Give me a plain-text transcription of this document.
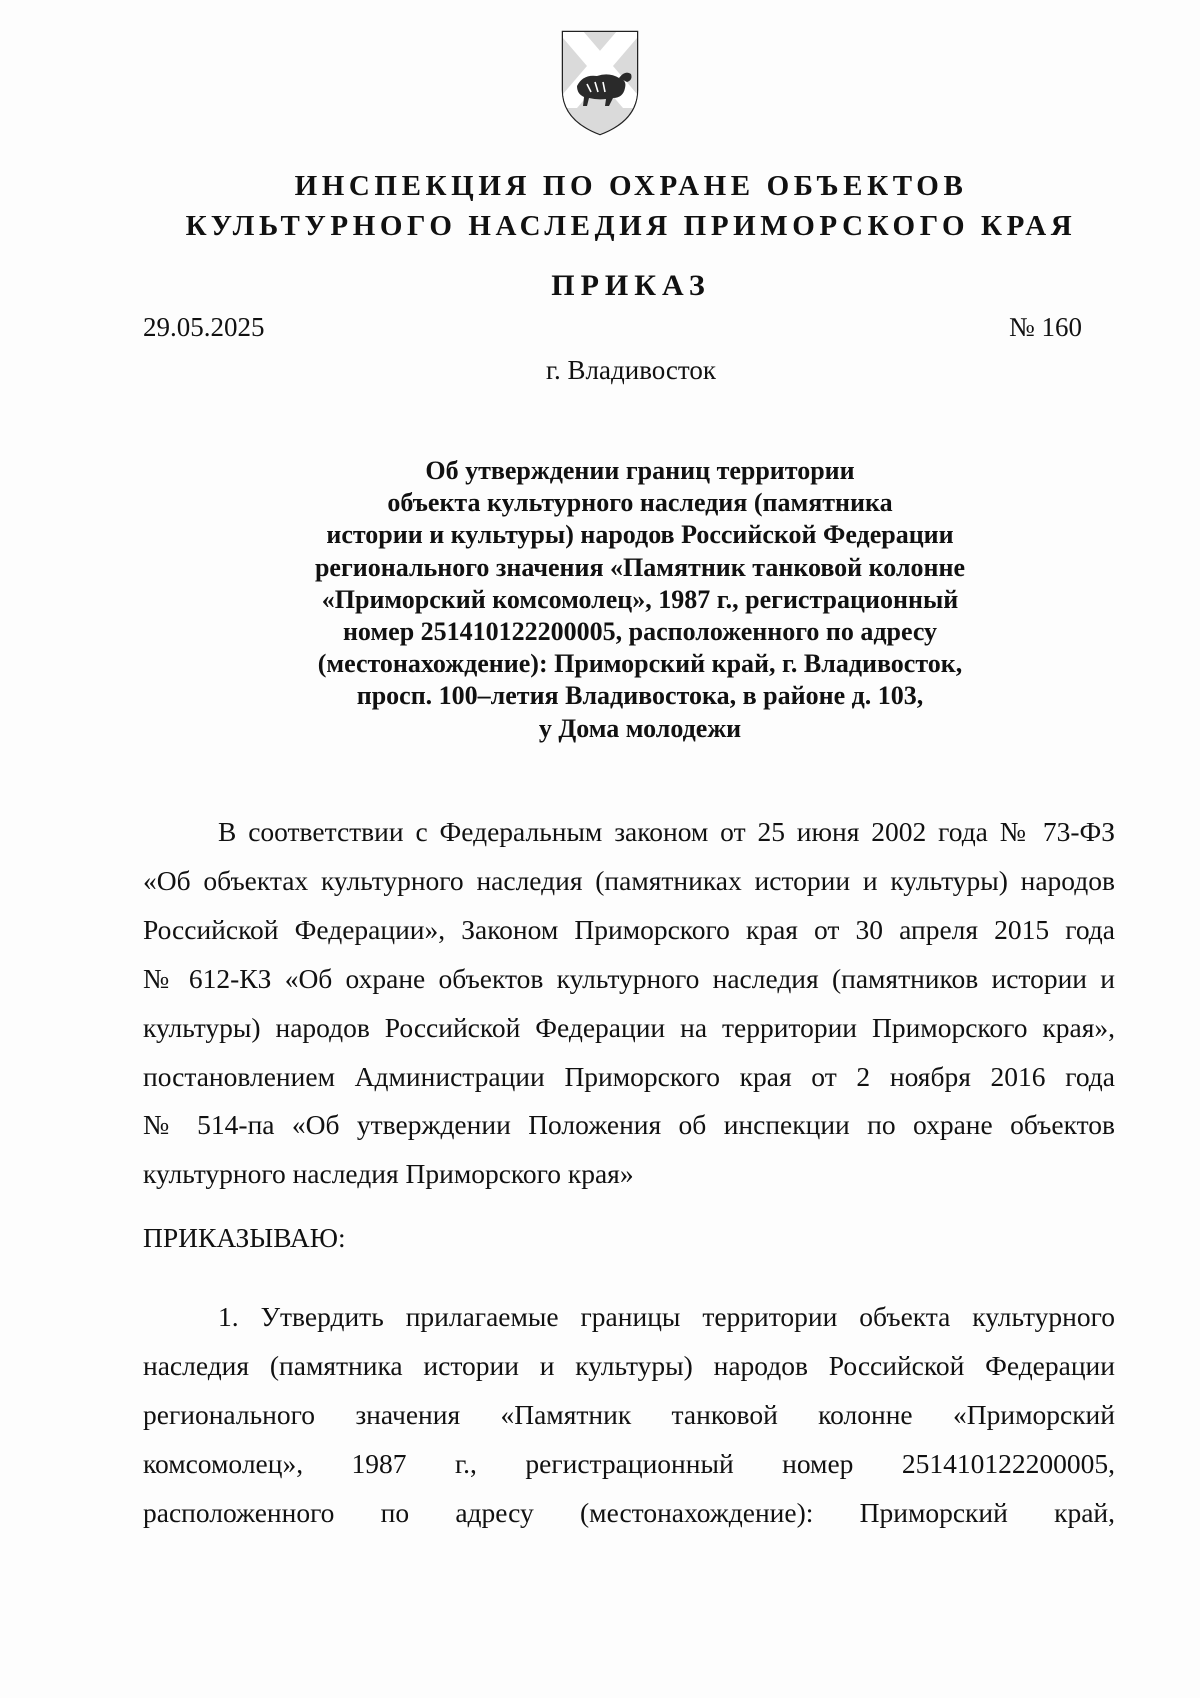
ИНСПЕКЦИЯ ПО ОХРАНЕ ОБЪЕКТОВ
КУЛЬТУРНОГО НАСЛЕДИЯ ПРИМОРСКОГО КРАЯ
ПРИКАЗ
29.05.2025	№ 160
г. Владивосток
Об утверждении границ территории
объекта культурного наследия (памятника
истории и культуры) народов Российской Федерации
регионального значения «Памятник танковой колонне
«Приморский комсомолец», 1987 г., регистрационный
номер 251410122200005, расположенного по адресу
(местонахождение): Приморский край, г. Владивосток,
просп. 100–летия Владивостока, в районе д. 103,
у Дома молодежи
В соответствии с Федеральным законом от 25 июня 2002 года № 73-ФЗ
«Об объектах культурного наследия (памятниках истории и культуры) народов
Российской Федерации», Законом Приморского края от 30 апреля 2015 года
№ 612-КЗ «Об охране объектов культурного наследия (памятников истории и
культуры) народов Российской Федерации на территории Приморского края»,
постановлением Администрации Приморского края от 2 ноября 2016 года
№ 514-па «Об утверждении Положения об инспекции по охране объектов
культурного наследия Приморского края»
ПРИКАЗЫВАЮ:
1. Утвердить прилагаемые границы территории объекта культурного
наследия (памятника истории и культуры) народов Российской Федерации
регионального значения «Памятник танковой колонне «Приморский
комсомолец», 1987 г., регистрационный номер 251410122200005,
расположенного по адресу (местонахождение): Приморский край,
